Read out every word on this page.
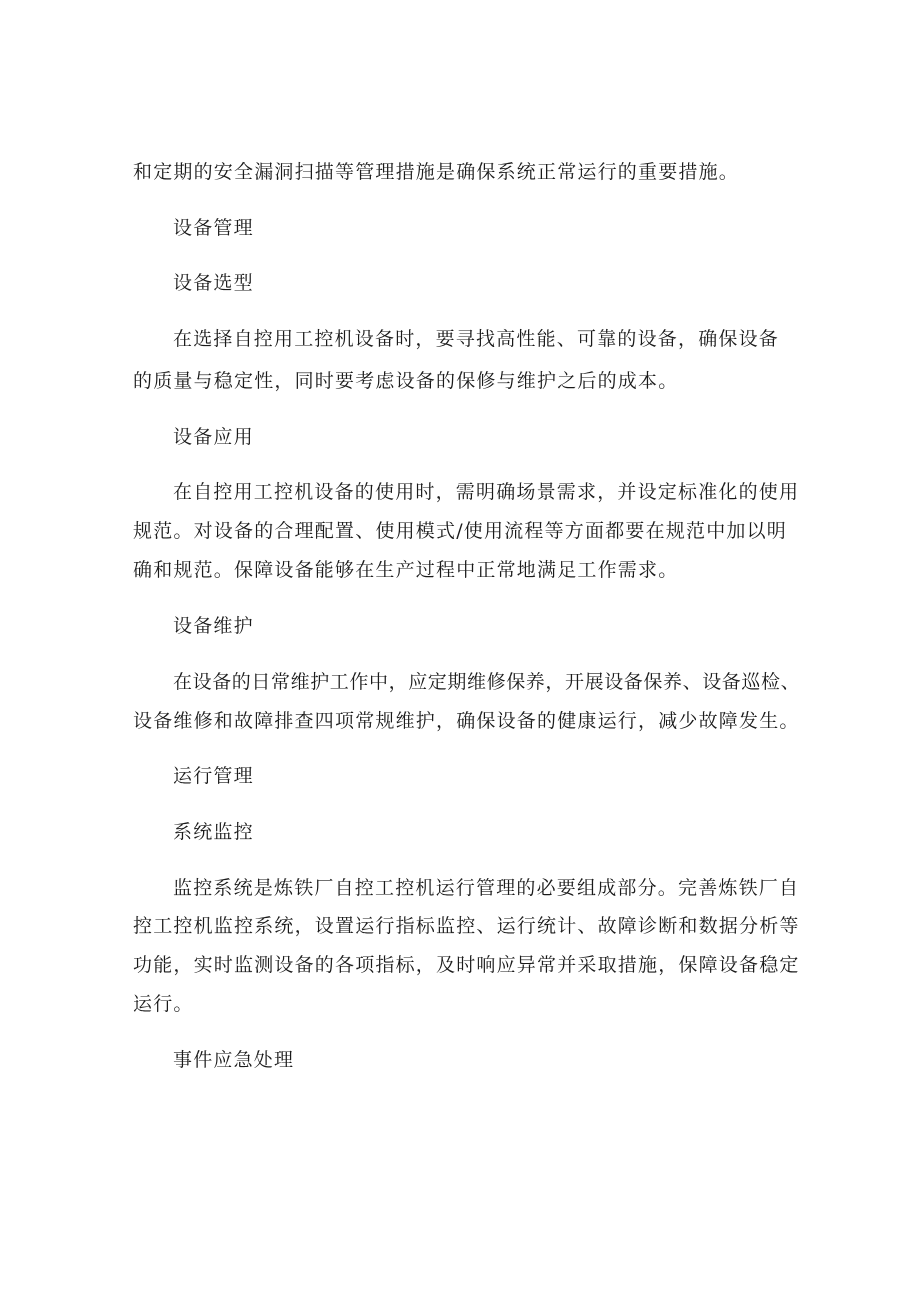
和定期的安全漏洞扫描等管理措施是确保系统正常运行的重要措施。
设备管理
设备选型
在选择自控用工控机设备时，要寻找高性能、可靠的设备，确保设备
的质量与稳定性，同时要考虑设备的保修与维护之后的成本。
设备应用
在自控用工控机设备的使用时，需明确场景需求，并设定标准化的使用
规范。对设备的合理配置、使用模式/使用流程等方面都要在规范中加以明
确和规范。保障设备能够在生产过程中正常地满足工作需求。
设备维护
在设备的日常维护工作中，应定期维修保养，开展设备保养、设备巡检、
设备维修和故障排查四项常规维护，确保设备的健康运行，减少故障发生。
运行管理
系统监控
监控系统是炼铁厂自控工控机运行管理的必要组成部分。完善炼铁厂自
控工控机监控系统，设置运行指标监控、运行统计、故障诊断和数据分析等
功能，实时监测设备的各项指标，及时响应异常并采取措施，保障设备稳定
运行。
事件应急处理
